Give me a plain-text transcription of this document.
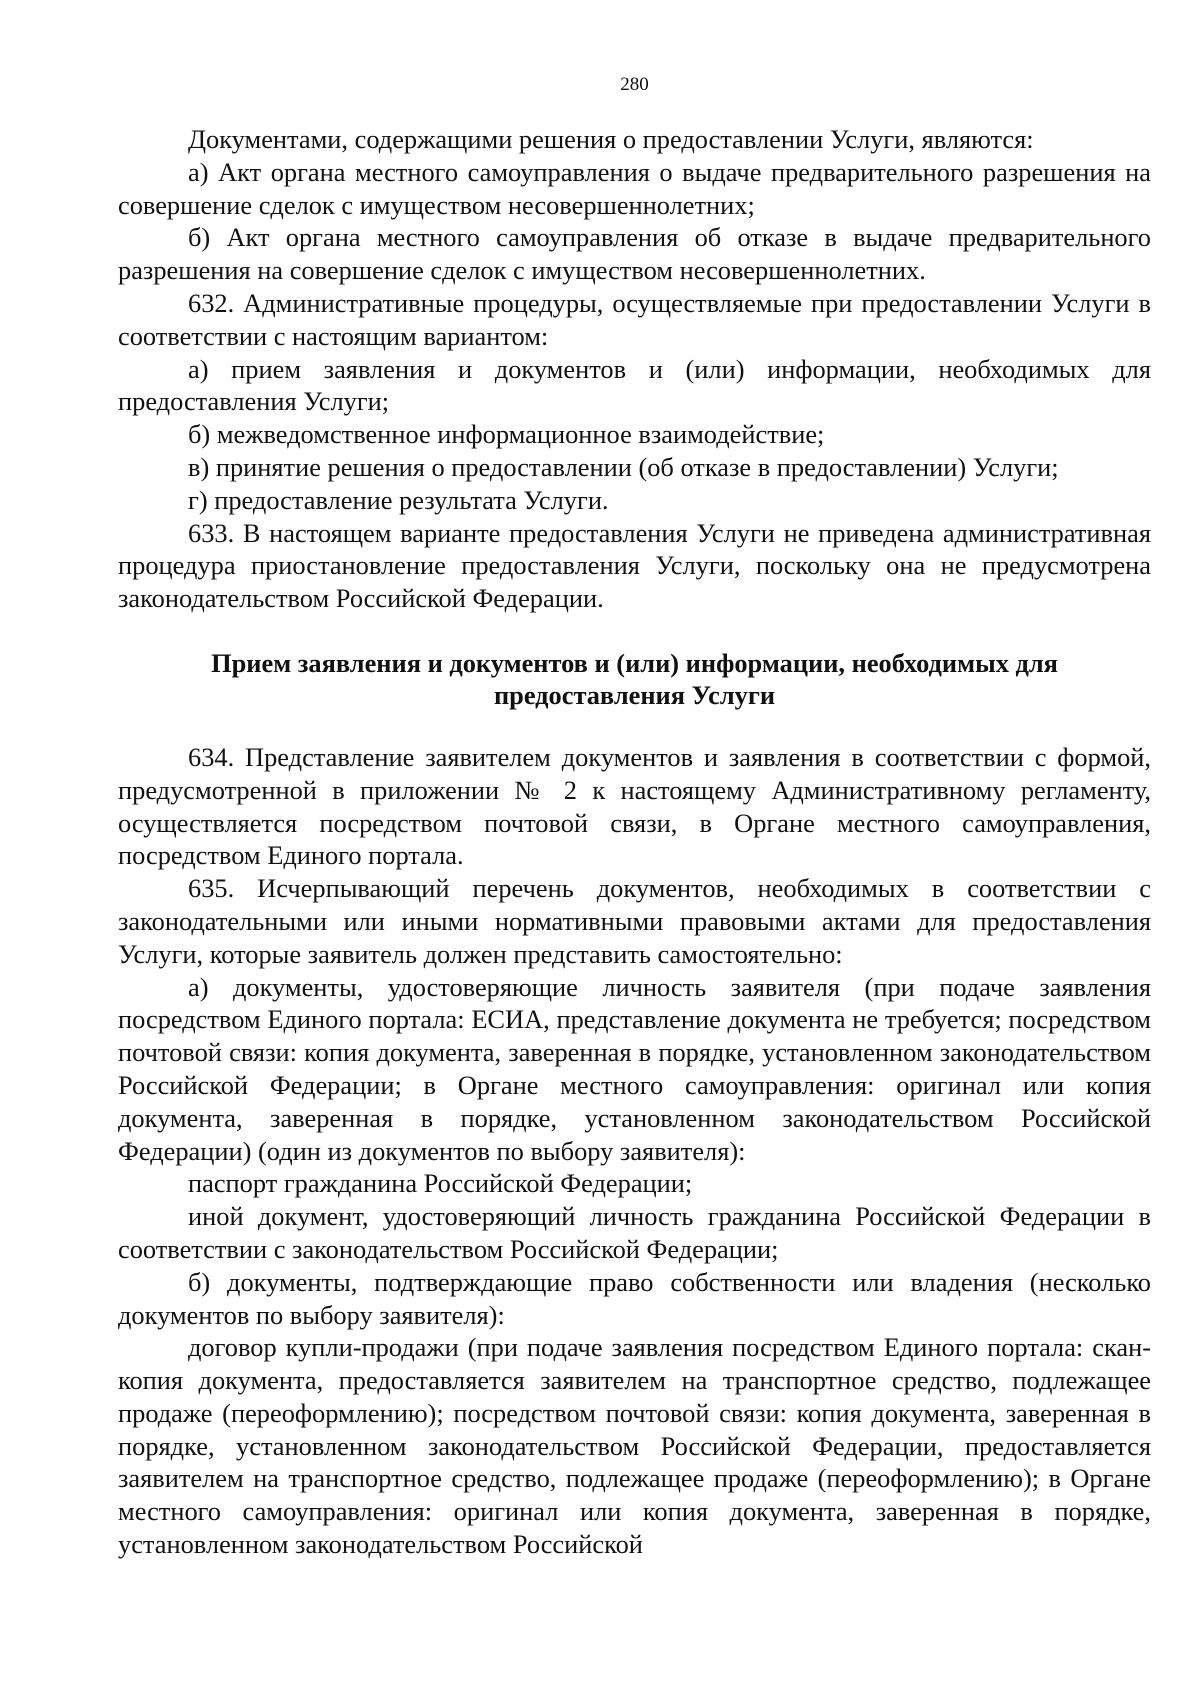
280

Документами, содержащими решения о предоставлении Услуги, являются:

а) Акт органа местного самоуправления о выдаче предварительного разрешения на совершение сделок с имуществом несовершеннолетних;

б) Акт органа местного самоуправления об отказе в выдаче предварительного разрешения на совершение сделок с имуществом несовершеннолетних.

632. Административные процедуры, осуществляемые при предоставлении Услуги в соответствии с настоящим вариантом:

а) прием заявления и документов и (или) информации, необходимых для предоставления Услуги;

б) межведомственное информационное взаимодействие;

в) принятие решения о предоставлении (об отказе в предоставлении) Услуги;

г) предоставление результата Услуги.

633. В настоящем варианте предоставления Услуги не приведена административная процедура приостановление предоставления Услуги, поскольку она не предусмотрена законодательством Российской Федерации.

Прием заявления и документов и (или) информации, необходимых для
предоставления Услуги

634. Представление заявителем документов и заявления в соответствии с формой, предусмотренной в приложении № 2 к настоящему Административному регламенту, осуществляется посредством почтовой связи, в Органе местного самоуправления, посредством Единого портала.

635. Исчерпывающий перечень документов, необходимых в соответствии с законодательными или иными нормативными правовыми актами для предоставления Услуги, которые заявитель должен представить самостоятельно:

а) документы, удостоверяющие личность заявителя (при подаче заявления посредством Единого портала: ЕСИА, представление документа не требуется; посредством почтовой связи: копия документа, заверенная в порядке, установленном законодательством Российской Федерации; в Органе местного самоуправления: оригинал или копия документа, заверенная в порядке, установленном законодательством Российской Федерации) (один из документов по выбору заявителя):

паспорт гражданина Российской Федерации;

иной документ, удостоверяющий личность гражданина Российской Федерации в соответствии с законодательством Российской Федерации;

б) документы, подтверждающие право собственности или владения (несколько документов по выбору заявителя):

договор купли-продажи (при подаче заявления посредством Единого портала: скан-копия документа, предоставляется заявителем на транспортное средство, подлежащее продаже (переоформлению); посредством почтовой связи: копия документа, заверенная в порядке, установленном законодательством Российской Федерации, предоставляется заявителем на транспортное средство, подлежащее продаже (переоформлению); в Органе местного самоуправления: оригинал или копия документа, заверенная в порядке, установленном законодательством Российской
